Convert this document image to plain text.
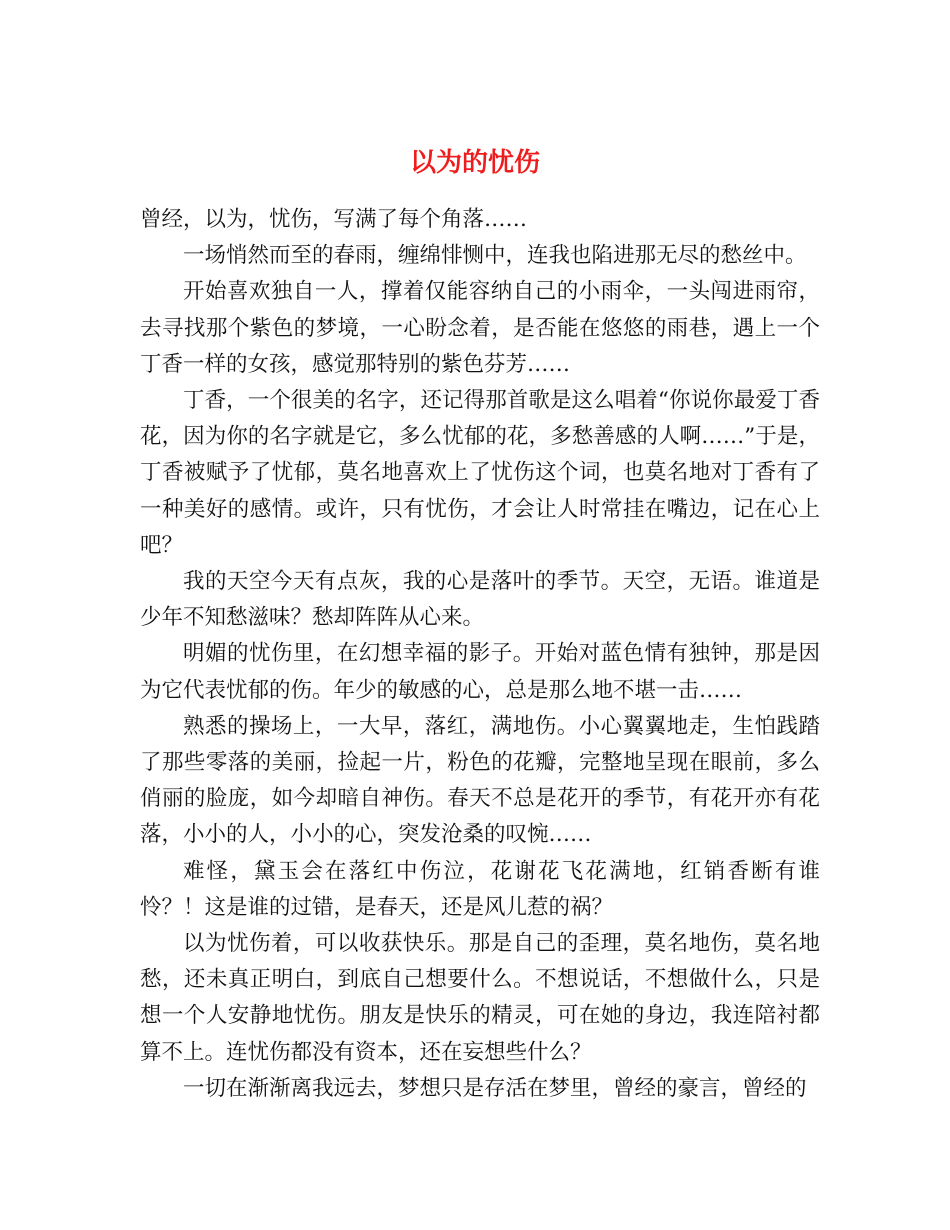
以为的忧伤

曾经，以为，忧伤，写满了每个角落……

一场悄然而至的春雨，缠绵悱恻中，连我也陷进那无尽的愁丝中。

开始喜欢独自一人，撑着仅能容纳自己的小雨伞，一头闯进雨帘，去寻找那个紫色的梦境，一心盼念着，是否能在悠悠的雨巷，遇上一个丁香一样的女孩，感觉那特别的紫色芬芳……

丁香，一个很美的名字，还记得那首歌是这么唱着“你说你最爱丁香花，因为你的名字就是它，多么忧郁的花，多愁善感的人啊……”于是，丁香被赋予了忧郁，莫名地喜欢上了忧伤这个词，也莫名地对丁香有了一种美好的感情。或许，只有忧伤，才会让人时常挂在嘴边，记在心上吧？

我的天空今天有点灰，我的心是落叶的季节。天空，无语。谁道是少年不知愁滋味？愁却阵阵从心来。

明媚的忧伤里，在幻想幸福的影子。开始对蓝色情有独钟，那是因为它代表忧郁的伤。年少的敏感的心，总是那么地不堪一击……

熟悉的操场上，一大早，落红，满地伤。小心翼翼地走，生怕践踏了那些零落的美丽，捡起一片，粉色的花瓣，完整地呈现在眼前，多么俏丽的脸庞，如今却暗自神伤。春天不总是花开的季节，有花开亦有花落，小小的人，小小的心，突发沧桑的叹惋……

难怪，黛玉会在落红中伤泣，花谢花飞花满地，红销香断有谁怜？！这是谁的过错，是春天，还是风儿惹的祸？

以为忧伤着，可以收获快乐。那是自己的歪理，莫名地伤，莫名地愁，还未真正明白，到底自己想要什么。不想说话，不想做什么，只是想一个人安静地忧伤。朋友是快乐的精灵，可在她的身边，我连陪衬都算不上。连忧伤都没有资本，还在妄想些什么？

一切在渐渐离我远去，梦想只是存活在梦里，曾经的豪言，曾经的
